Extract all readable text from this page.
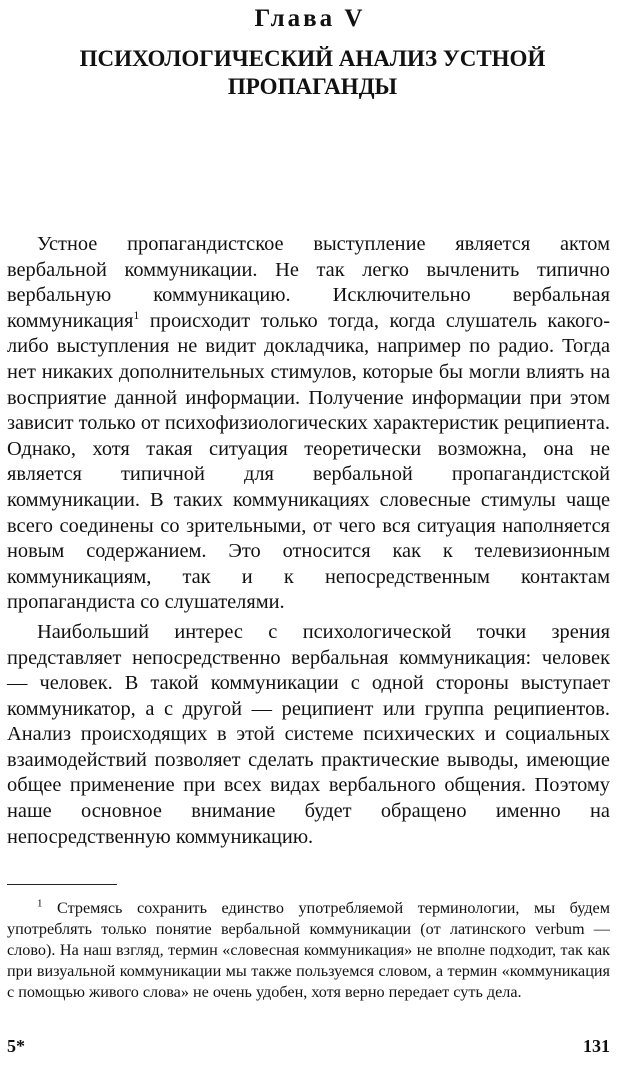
Глава V
ПСИХОЛОГИЧЕСКИЙ АНАЛИЗ УСТНОЙ ПРОПАГАНДЫ

Устное пропагандистское выступление является актом вербальной коммуникации. Не так легко вычленить типично вербальную коммуникацию. Исключительно вербальная коммуникация$^1$ происходит только тогда, когда слушатель какого-либо выступления не видит докладчика, например по радио. Тогда нет никаких дополнительных стимулов, которые бы могли влиять на восприятие данной информации. Получение информации при этом зависит только от психофизиологических характеристик реципиента. Однако, хотя такая ситуация теоретически возможна, она не является типичной для вербальной пропагандистской коммуникации. В таких коммуникациях словесные стимулы чаще всего соединены со зрительными, от чего вся ситуация наполняется новым содержанием. Это относится как к телевизионным коммуникациям, так и к непосредственным контактам пропагандиста со слушателями.

Наибольший интерес с психологической точки зрения представляет непосредственно вербальная коммуникация: человек — человек. В такой коммуникации с одной стороны выступает коммуникатор, а с другой — реципиент или группа реципиентов. Анализ происходящих в этой системе психических и социальных взаимодействий позволяет сделать практические выводы, имеющие общее применение при всех видах вербального общения. Поэтому наше основное внимание будет обращено именно на непосредственную коммуникацию.

$^1$ Стремясь сохранить единство употребляемой терминологии, мы будем употреблять только понятие вербальной коммуникации (от латинского verbum — слово). На наш взгляд, термин «словесная коммуникация» не вполне подходит, так как при визуальной коммуникации мы также пользуемся словом, а термин «коммуникация с помощью живого слова» не очень удобен, хотя верно передает суть дела.

5*	131
